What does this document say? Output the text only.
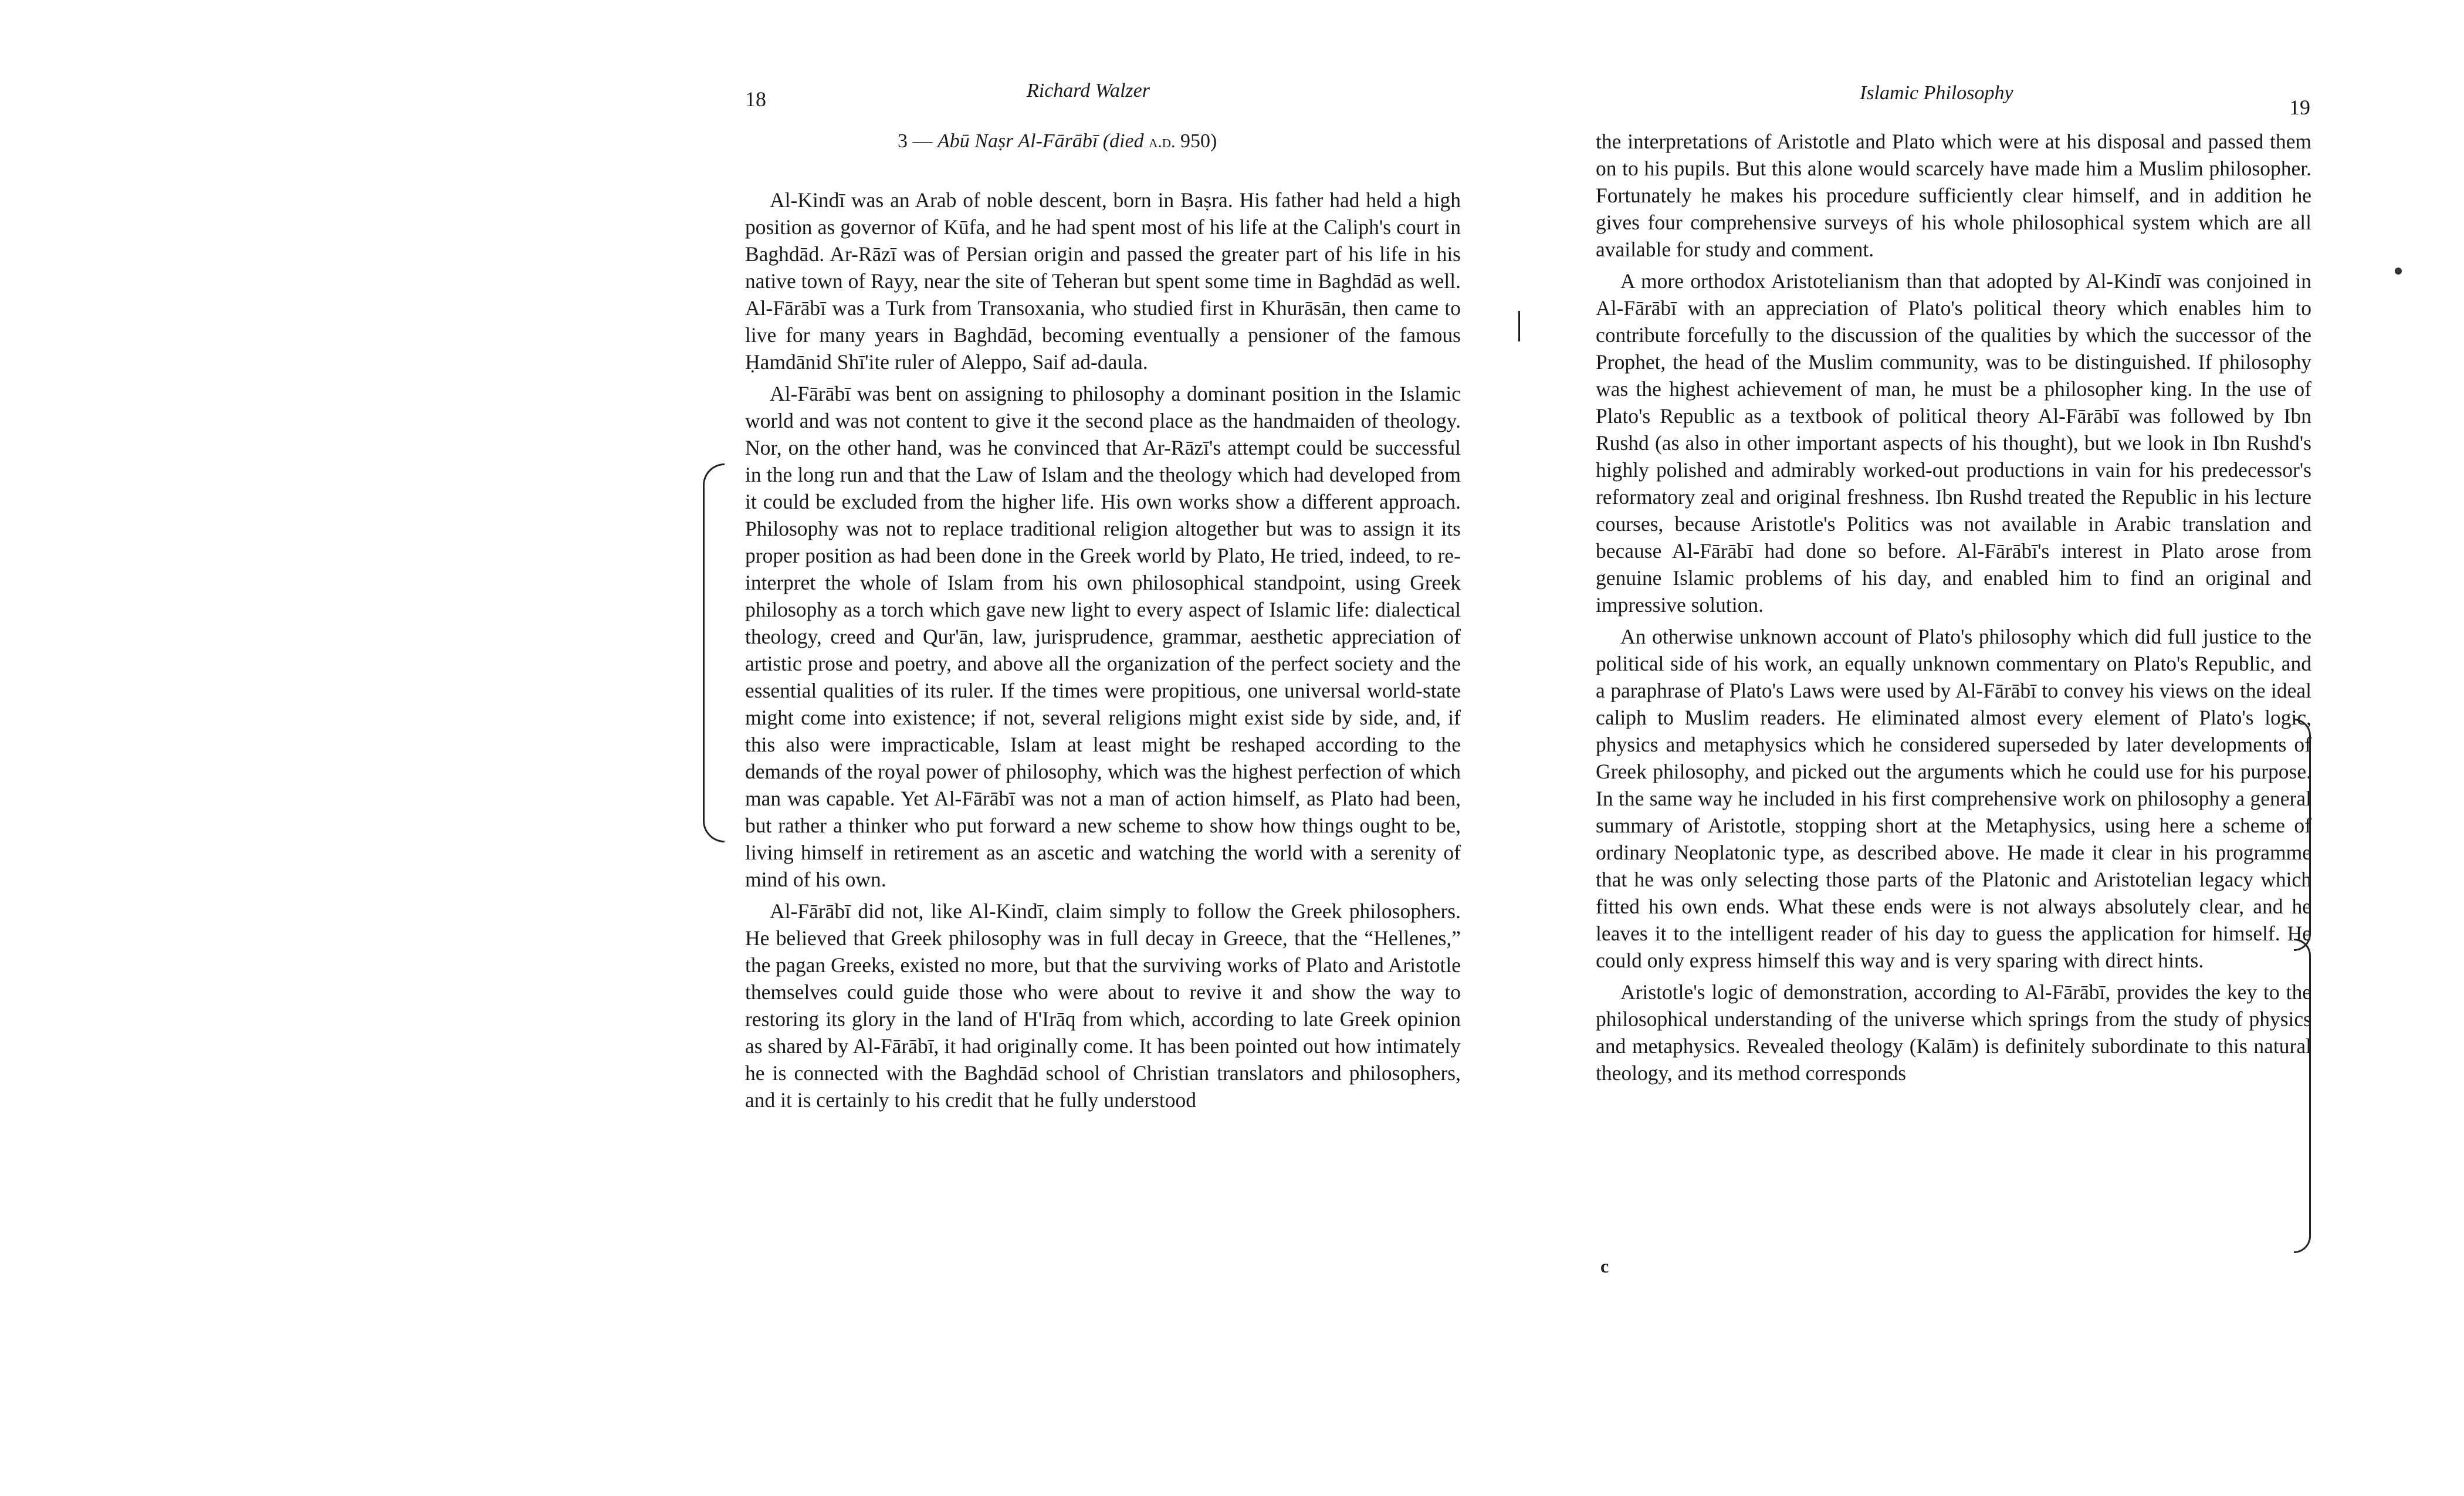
18	Richard Walzer
3 — Abū Naṣr Al-Fārābī (died a.d. 950)

Al-Kindī was an Arab of noble descent, born in Baṣra. His father had held a high position as governor of Kūfa, and he had spent most of his life at the Caliph's court in Baghdād. Ar-Rāzī was of Persian origin and passed the greater part of his life in his native town of Rayy, near the site of Teheran but spent some time in Baghdād as well. Al-Fārābī was a Turk from Transoxania, who studied first in Khurāsān, then came to live for many years in Baghdād, becoming eventually a pensioner of the famous Ḥamdānid Shī'ite ruler of Aleppo, Saif ad-daula.

Al-Fārābī was bent on assigning to philosophy a dominant position in the Islamic world and was not content to give it the second place as the handmaiden of theology. Nor, on the other hand, was he convinced that Ar-Rāzī's attempt could be successful in the long run and that the Law of Islam and the theology which had developed from it could be excluded from the higher life. His own works show a different approach. Philosophy was not to replace traditional religion altogether but was to assign it its proper position as had been done in the Greek world by Plato, He tried, indeed, to re-interpret the whole of Islam from his own philosophical standpoint, using Greek philosophy as a torch which gave new light to every aspect of Islamic life: dialectical theology, creed and Qur'ān, law, jurisprudence, grammar, aesthetic appreciation of artistic prose and poetry, and above all the organization of the perfect society and the essential qualities of its ruler. If the times were propitious, one universal world-state might come into existence; if not, several religions might exist side by side, and, if this also were impracticable, Islam at least might be reshaped according to the demands of the royal power of philosophy, which was the highest perfection of which man was capable. Yet Al-Fārābī was not a man of action himself, as Plato had been, but rather a thinker who put forward a new scheme to show how things ought to be, living himself in retirement as an ascetic and watching the world with a serenity of mind of his own.

Al-Fārābī did not, like Al-Kindī, claim simply to follow the Greek philosophers. He believed that Greek philosophy was in full decay in Greece, that the “Hellenes,” the pagan Greeks, existed no more, but that the surviving works of Plato and Aristotle themselves could guide those who were about to revive it and show the way to restoring its glory in the land of H'Irāq from which, according to late Greek opinion as shared by Al-Fārābī, it had originally come. It has been pointed out how intimately he is connected with the Baghdād school of Christian translators and philosophers, and it is certainly to his credit that he fully understood

Islamic Philosophy
19

the interpretations of Aristotle and Plato which were at his disposal and passed them on to his pupils. But this alone would scarcely have made him a Muslim philosopher. Fortunately he makes his procedure sufficiently clear himself, and in addition he gives four comprehensive surveys of his whole philosophical system which are all available for study and comment.

A more orthodox Aristotelianism than that adopted by Al-Kindī was conjoined in Al-Fārābī with an appreciation of Plato's political theory which enables him to contribute forcefully to the discussion of the qualities by which the successor of the Prophet, the head of the Muslim community, was to be distinguished. If philosophy was the highest achievement of man, he must be a philosopher king. In the use of Plato's Republic as a textbook of political theory Al-Fārābī was followed by Ibn Rushd (as also in other important aspects of his thought), but we look in Ibn Rushd's highly polished and admirably worked-out productions in vain for his predecessor's reformatory zeal and original freshness. Ibn Rushd treated the Republic in his lecture courses, because Aristotle's Politics was not available in Arabic translation and because Al-Fārābī had done so before. Al-Fārābī's interest in Plato arose from genuine Islamic problems of his day, and enabled him to find an original and impressive solution.

An otherwise unknown account of Plato's philosophy which did full justice to the political side of his work, an equally unknown commentary on Plato's Republic, and a paraphrase of Plato's Laws were used by Al-Fārābī to convey his views on the ideal caliph to Muslim readers. He eliminated almost every element of Plato's logic, physics and metaphysics which he considered superseded by later developments of Greek philosophy, and picked out the arguments which he could use for his purpose. In the same way he included in his first comprehensive work on philosophy a general summary of Aristotle, stopping short at the Metaphysics, using here a scheme of ordinary Neoplatonic type, as described above. He made it clear in his programme that he was only selecting those parts of the Platonic and Aristotelian legacy which fitted his own ends. What these ends were is not always absolutely clear, and he leaves it to the intelligent reader of his day to guess the application for himself. He could only express himself this way and is very sparing with direct hints.

Aristotle's logic of demonstration, according to Al-Fārābī, provides the key to the philosophical understanding of the universe which springs from the study of physics and metaphysics. Revealed theology (Kalām) is definitely subordinate to this natural theology, and its method corresponds

c
